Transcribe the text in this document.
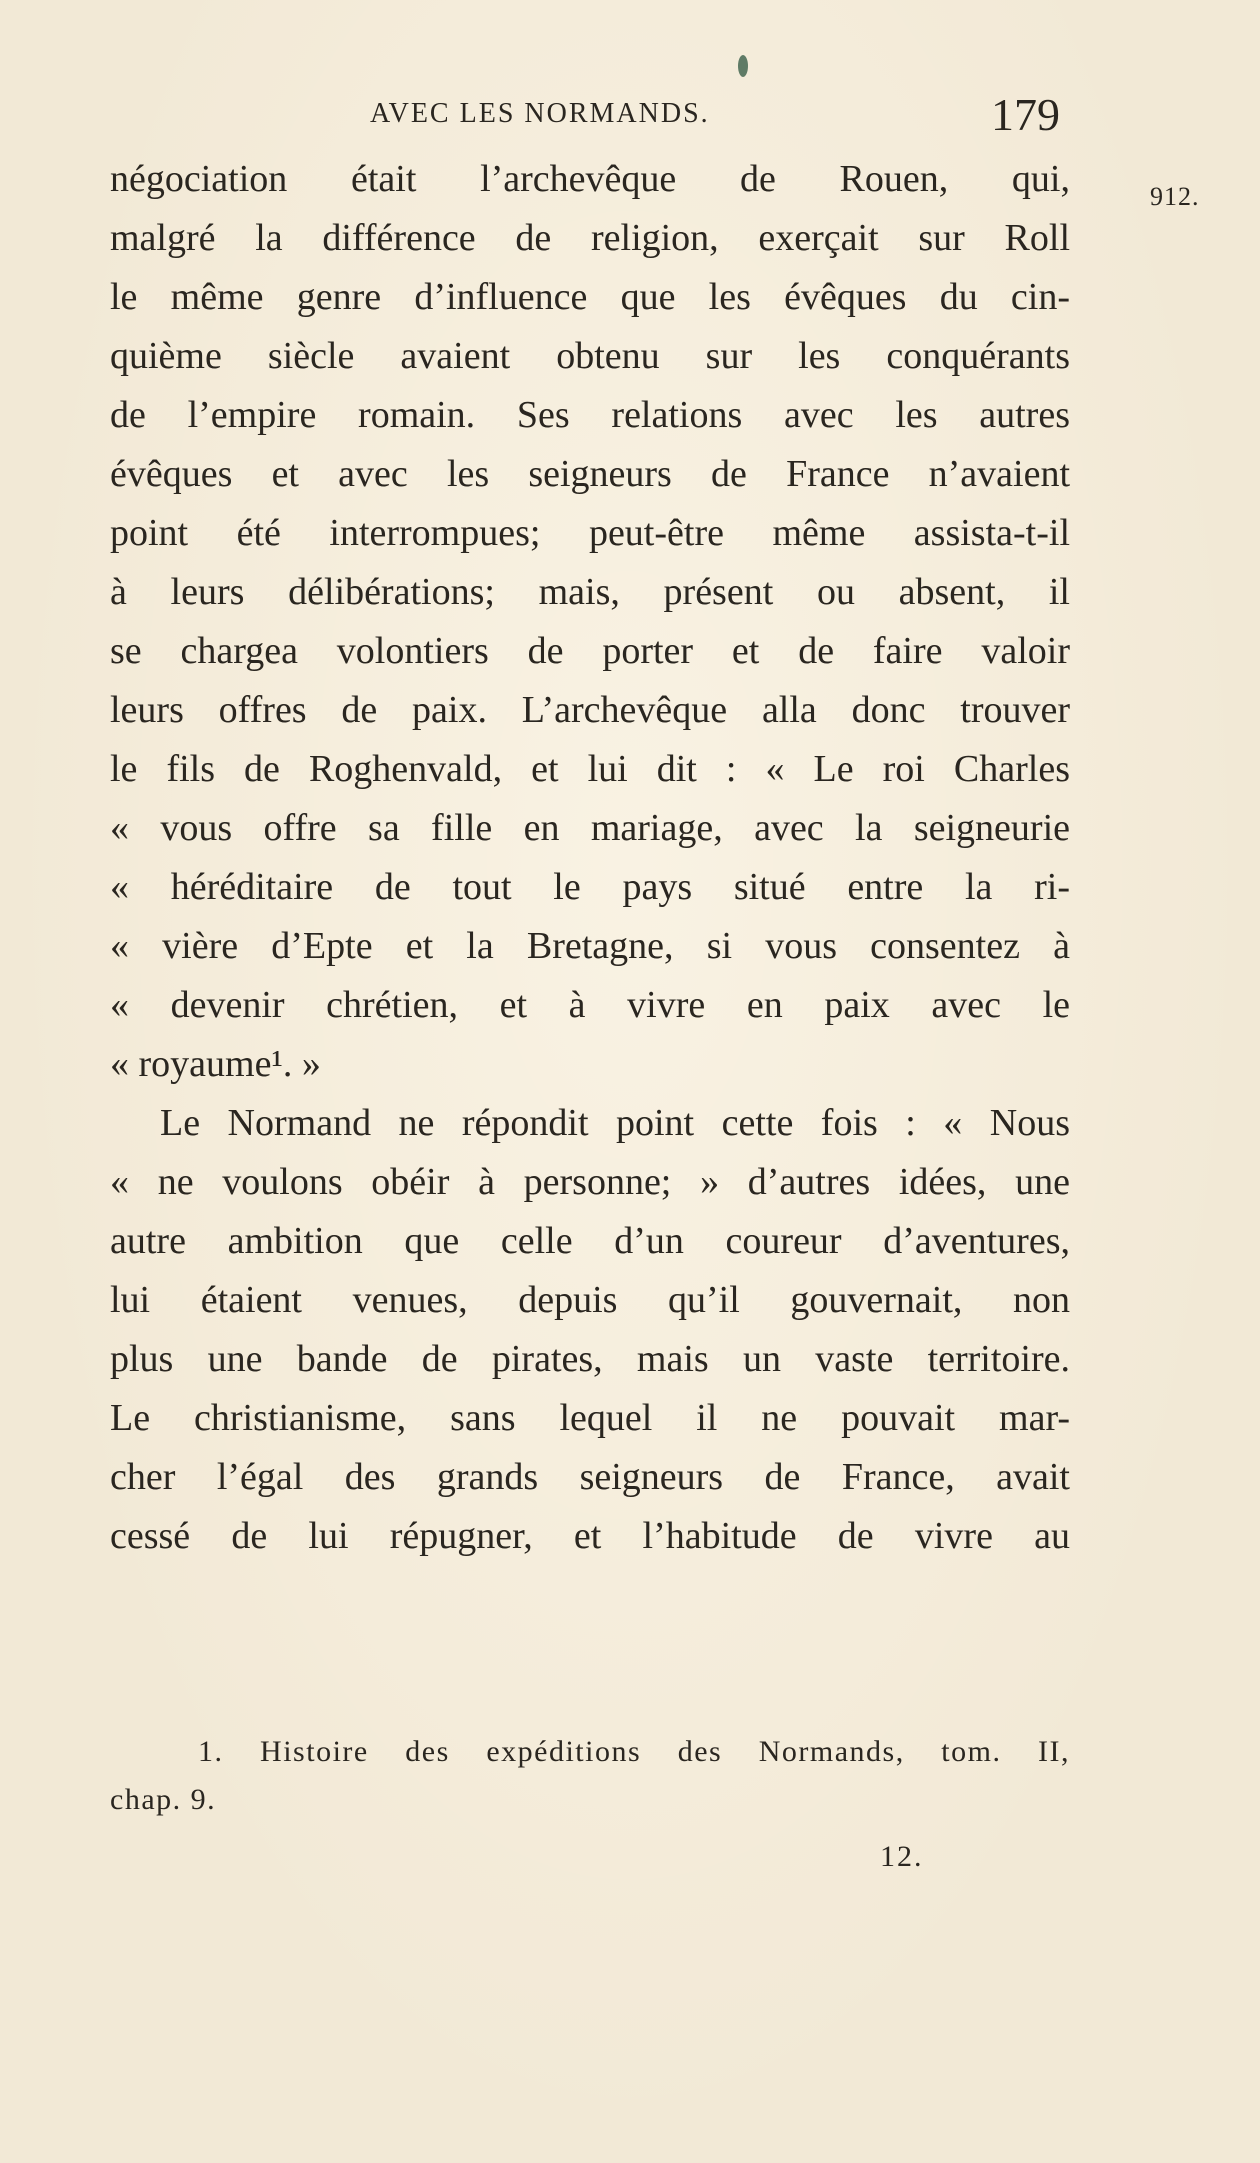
AVEC LES NORMANDS.	179
912.
négociation était l’archevêque de Rouen, qui,
malgré la différence de religion, exerçait sur Roll
le même genre d’influence que les évêques du cin-
quième siècle avaient obtenu sur les conquérants
de l’empire romain. Ses relations avec les autres
évêques et avec les seigneurs de France n’avaient
point été interrompues; peut-être même assista-t-il
à leurs délibérations; mais, présent ou absent, il
se chargea volontiers de porter et de faire valoir
leurs offres de paix. L’archevêque alla donc trouver
le fils de Roghenvald, et lui dit : « Le roi Charles
« vous offre sa fille en mariage, avec la seigneurie
« héréditaire de tout le pays situé entre la ri-
« vière d’Epte et la Bretagne, si vous consentez à
« devenir chrétien, et à vivre en paix avec le
« royaume¹. »
Le Normand ne répondit point cette fois : « Nous
« ne voulons obéir à personne; » d’autres idées, une
autre ambition que celle d’un coureur d’aventures,
lui étaient venues, depuis qu’il gouvernait, non
plus une bande de pirates, mais un vaste territoire.
Le christianisme, sans lequel il ne pouvait mar-
cher l’égal des grands seigneurs de France, avait
cessé de lui répugner, et l’habitude de vivre au
1. Histoire des expéditions des Normands, tom. II,
chap. 9.
12.
